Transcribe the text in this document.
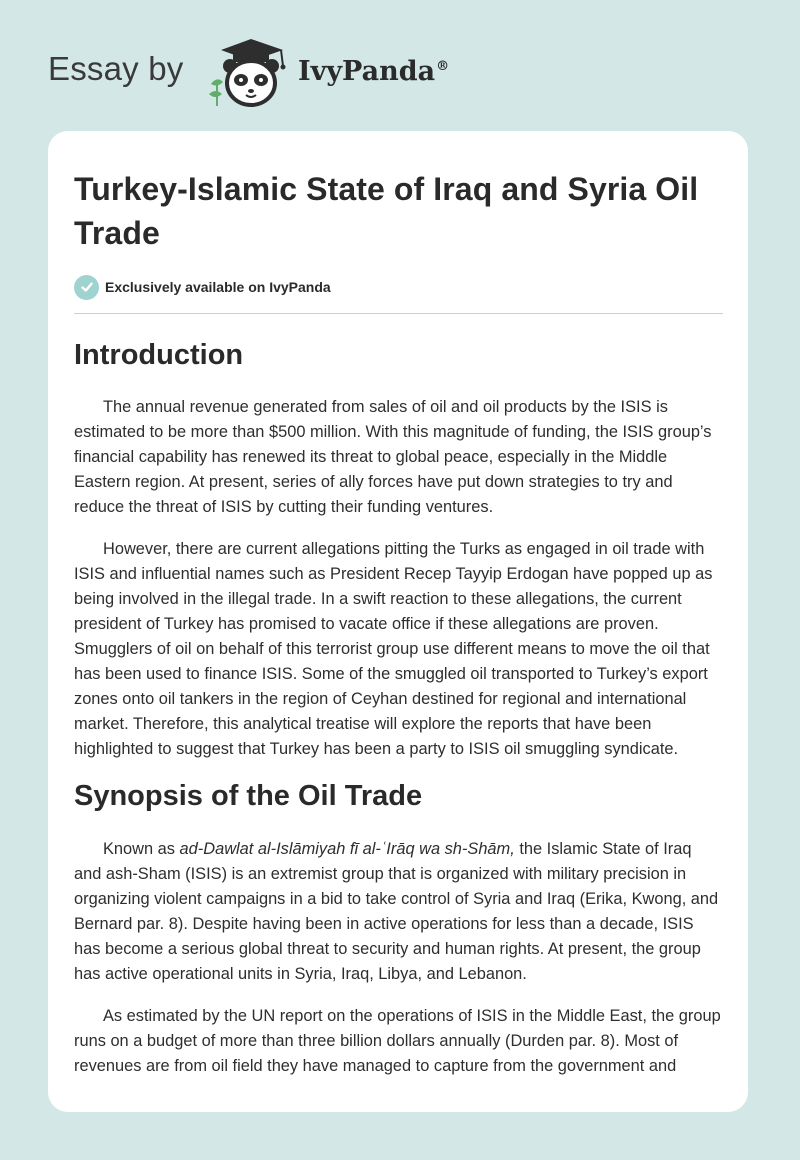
Essay by	IvyPanda®
Turkey-Islamic State of Iraq and Syria Oil Trade
Exclusively available on IvyPanda
Introduction

The annual revenue generated from sales of oil and oil products by the ISIS is estimated to be more than $500 million. With this magnitude of funding, the ISIS group’s financial capability has renewed its threat to global peace, especially in the Middle Eastern region. At present, series of ally forces have put down strategies to try and reduce the threat of ISIS by cutting their funding ventures.

However, there are current allegations pitting the Turks as engaged in oil trade with ISIS and influential names such as President Recep Tayyip Erdogan have popped up as being involved in the illegal trade. In a swift reaction to these allegations, the current president of Turkey has promised to vacate office if these allegations are proven. Smugglers of oil on behalf of this terrorist group use different means to move the oil that has been used to finance ISIS. Some of the smuggled oil transported to Turkey’s export zones onto oil tankers in the region of Ceyhan destined for regional and international market. Therefore, this analytical treatise will explore the reports that have been highlighted to suggest that Turkey has been a party to ISIS oil smuggling syndicate.

Synopsis of the Oil Trade

Known as ad-Dawlat al-Islāmiyah fī al-ʿIrāq wa sh-Shām, the Islamic State of Iraq and ash-Sham (ISIS) is an extremist group that is organized with military precision in organizing violent campaigns in a bid to take control of Syria and Iraq (Erika, Kwong, and Bernard par. 8). Despite having been in active operations for less than a decade, ISIS has become a serious global threat to security and human rights. At present, the group has active operational units in Syria, Iraq, Libya, and Lebanon.

As estimated by the UN report on the operations of ISIS in the Middle East, the group runs on a budget of more than three billion dollars annually (Durden par. 8). Most of revenues are from oil field they have managed to capture from the government and
